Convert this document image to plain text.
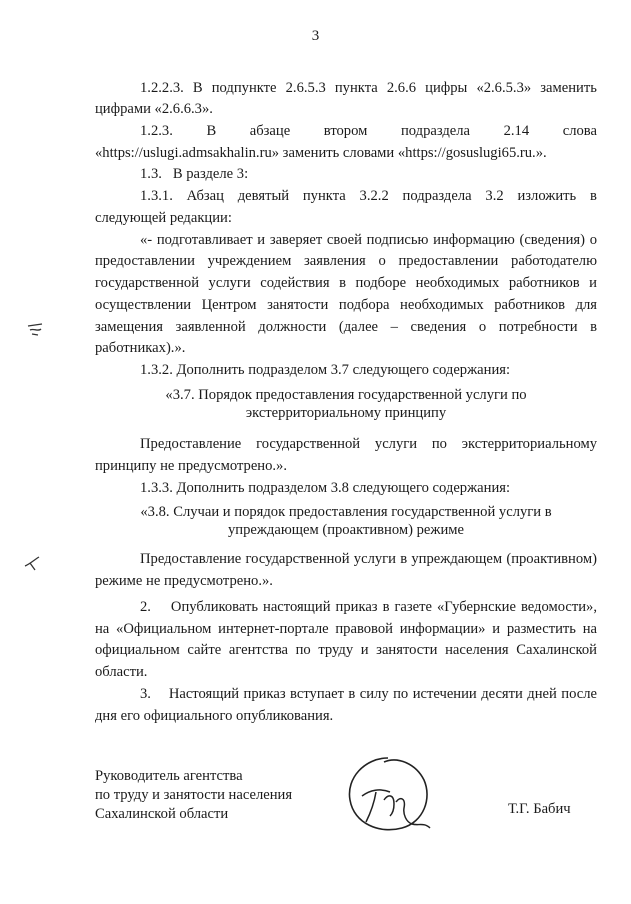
3
1.2.2.3. В подпункте 2.6.5.3 пункта 2.6.6 цифры «2.6.5.3» заменить
цифрами «2.6.6.3».
1.2.3. В абзаце втором подраздела 2.14 слова
«https://uslugi.admsakhalin.ru» заменить словами «https://gosuslugi65.ru.».
1.3.   В разделе 3:
1.3.1. Абзац девятый пункта 3.2.2 подраздела 3.2 изложить в
следующей редакции:
«- подготавливает и заверяет своей подписью информацию (сведения) о
предоставлении учреждением заявления о предоставлении работодателю
государственной услуги содействия в подборе необходимых работников и
осуществлении Центром занятости подбора необходимых работников для
замещения заявленной должности (далее – сведения о потребности в
работниках).».
1.3.2. Дополнить подразделом 3.7 следующего содержания:
«3.7. Порядок предоставления государственной услуги по
экстерриториальному принципу
Предоставление государственной услуги по экстерриториальному
принципу не предусмотрено.».
1.3.3. Дополнить подразделом 3.8 следующего содержания:
«3.8. Случаи и порядок предоставления государственной услуги в
упреждающем (проактивном) режиме
Предоставление государственной услуги в упреждающем (проактивном)
режиме не предусмотрено.».
2.    Опубликовать настоящий приказ в газете «Губернские ведомости»,
на «Официальном интернет-портале правовой информации» и разместить на
официальном сайте агентства по труду и занятости населения Сахалинской
области.
3.    Настоящий приказ вступает в силу по истечении десяти дней после
дня его официального опубликования.
Руководитель агентства
по труду и занятости населения
Сахалинской области	Т.Г. Бабич
